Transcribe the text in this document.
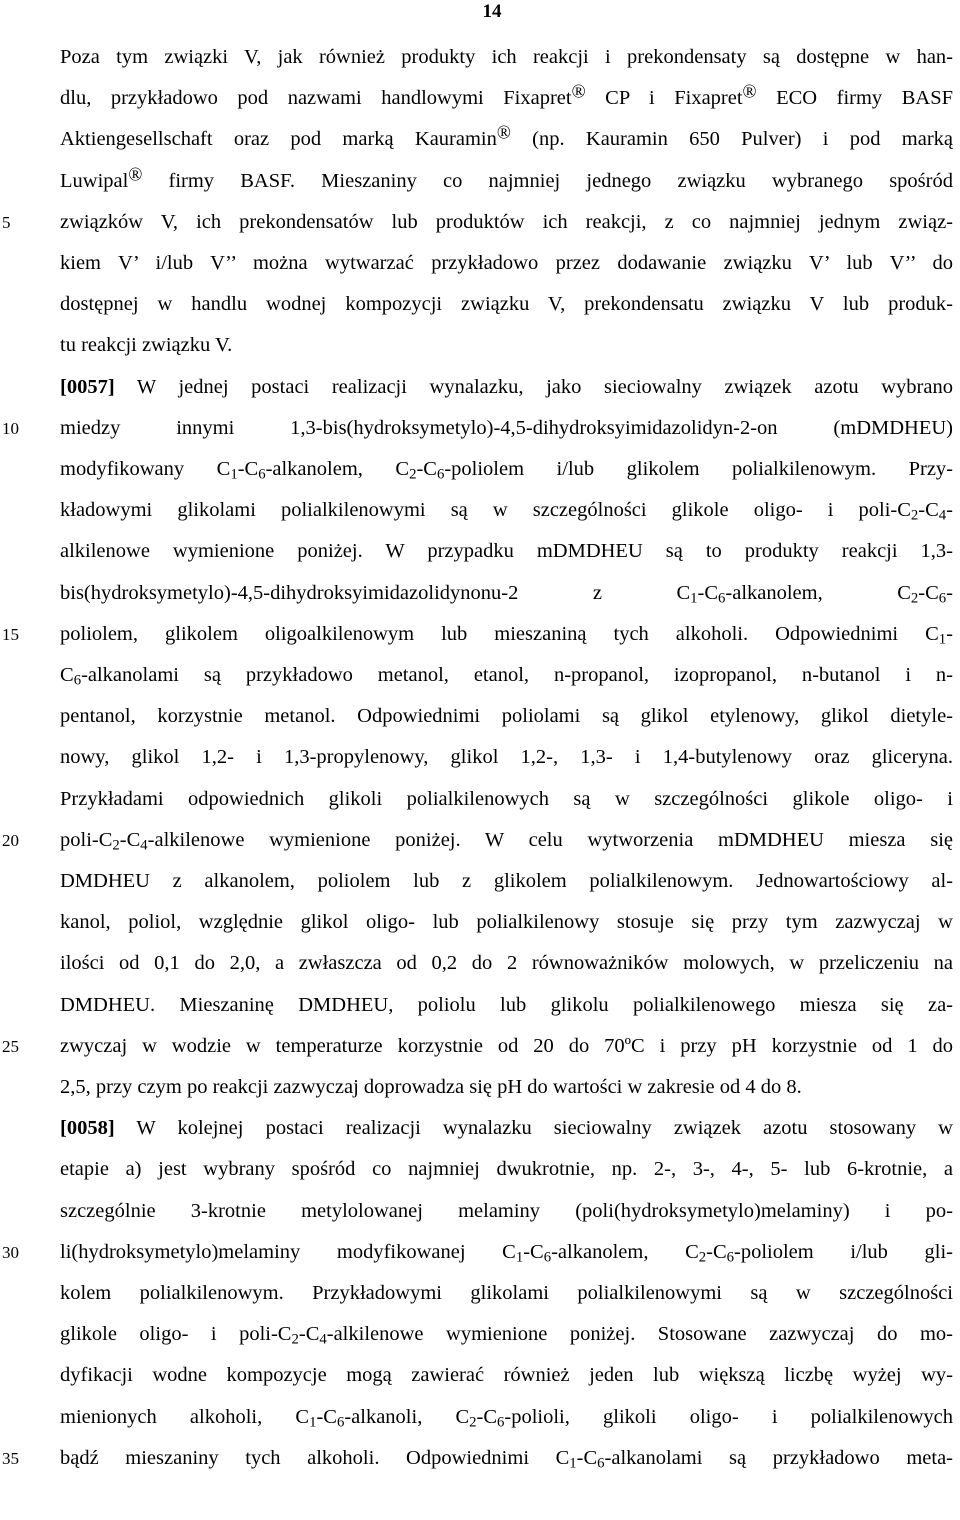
14
5
10
15
20
25
30
35
Poza tym związki V, jak również produkty ich reakcji i prekondensaty są dostępne w han-
dlu, przykładowo pod nazwami handlowymi Fixapret® CP i Fixapret® ECO firmy BASF
Aktiengesellschaft oraz pod marką Kauramin® (np. Kauramin 650 Pulver) i pod marką
Luwipal® firmy BASF. Mieszaniny co najmniej jednego związku wybranego spośród
związków V, ich prekondensatów lub produktów ich reakcji, z co najmniej jednym związ-
kiem V’ i/lub V’’ można wytwarzać przykładowo przez dodawanie związku V’ lub V’’ do
dostępnej w handlu wodnej kompozycji związku V, prekondensatu związku V lub produk-
tu reakcji związku V.
[0057] W jednej postaci realizacji wynalazku, jako sieciowalny związek azotu wybrano
miedzy innymi 1,3-bis(hydroksymetylo)-4,5-dihydroksyimidazolidyn-2-on (mDMDHEU)
modyfikowany $C_1-C_6$-alkanolem, $C_2-C_6$-poliolem i/lub glikolem polialkilenowym. Przy-
kładowymi glikolami polialkilenowymi są w szczególności glikole oligo- i poli-$C_2-C_4-$
alkilenowe wymienione poniżej. W przypadku mDMDHEU są to produkty reakcji 1,3-
bis(hydroksymetylo)-4,5-dihydroksyimidazolidynonu-2 z $C_1-C_6$-alkanolem, $C_2-C_6-$
poliolem, glikolem oligoalkilenowym lub mieszaniną tych alkoholi. Odpowiednimi $C_1-$
$C_6$-alkanolami są przykładowo metanol, etanol, n-propanol, izopropanol, n-butanol i n-
pentanol, korzystnie metanol. Odpowiednimi poliolami są glikol etylenowy, glikol dietyle-
nowy, glikol 1,2- i 1,3-propylenowy, glikol 1,2-, 1,3- i 1,4-butylenowy oraz gliceryna.
Przykładami odpowiednich glikoli polialkilenowych są w szczególności glikole oligo- i
poli-$C_2-C_4$-alkilenowe wymienione poniżej. W celu wytworzenia mDMDHEU miesza się
DMDHEU z alkanolem, poliolem lub z glikolem polialkilenowym. Jednowartościowy al-
kanol, poliol, względnie glikol oligo- lub polialkilenowy stosuje się przy tym zazwyczaj w
ilości od 0,1 do 2,0, a zwłaszcza od 0,2 do 2 równoważników molowych, w przeliczeniu na
DMDHEU. Mieszaninę DMDHEU, poliolu lub glikolu polialkilenowego miesza się za-
zwyczaj w wodzie w temperaturze korzystnie od 20 do 70ºC i przy pH korzystnie od 1 do
2,5, przy czym po reakcji zazwyczaj doprowadza się pH do wartości w zakresie od 4 do 8.
[0058] W kolejnej postaci realizacji wynalazku sieciowalny związek azotu stosowany w
etapie a) jest wybrany spośród co najmniej dwukrotnie, np. 2-, 3-, 4-, 5- lub 6-krotnie, a
szczególnie 3-krotnie metylolowanej melaminy (poli(hydroksymetylo)melaminy) i po-
li(hydroksymetylo)melaminy modyfikowanej $C_1-C_6$-alkanolem, $C_2-C_6$-poliolem i/lub gli-
kolem polialkilenowym. Przykładowymi glikolami polialkilenowymi są w szczególności
glikole oligo- i poli-$C_2-C_4$-alkilenowe wymienione poniżej. Stosowane zazwyczaj do mo-
dyfikacji wodne kompozycje mogą zawierać również jeden lub większą liczbę wyżej wy-
mienionych alkoholi, $C_1-C_6$-alkanoli, $C_2-C_6$-polioli, glikoli oligo- i polialkilenowych
bądź mieszaniny tych alkoholi. Odpowiednimi $C_1-C_6$-alkanolami są przykładowo meta-
